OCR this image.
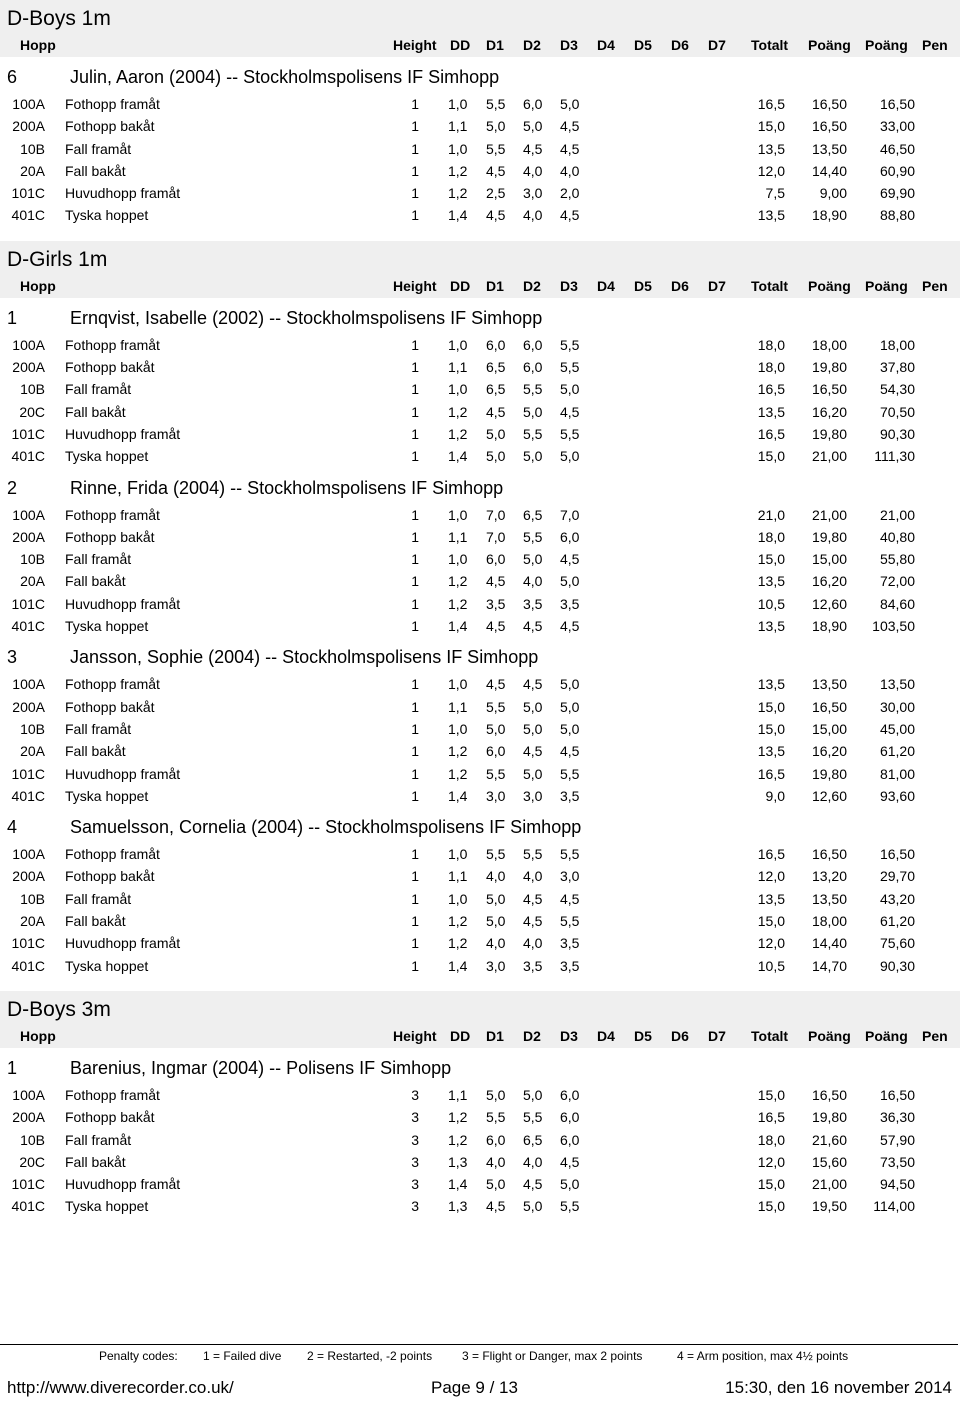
D-Boys 1m
Hopp	Height DD D1 D2 D3 D4 D5 D6 D7 Totalt Poäng Poäng Pen
6	Julin, Aaron (2004) -- Stockholmspolisens IF Simhopp
100A Fothopp framåt	1 1,0 5,5 6,0 5,0	16,5	16,50	16,50
200A Fothopp bakåt	1 1,1 5,0 5,0 4,5	15,0	16,50	33,00
10B Fall framåt	1 1,0 5,5 4,5 4,5	13,5	13,50	46,50
20A Fall bakåt	1 1,2 4,5 4,0 4,0	12,0	14,40	60,90
101C Huvudhopp framåt	1 1,2 2,5 3,0 2,0	7,5	9,00	69,90
401C Tyska hoppet	1 1,4 4,5 4,0 4,5	13,5	18,90	88,80
D-Girls 1m
Hopp	Height DD D1 D2 D3 D4 D5 D6 D7 Totalt Poäng Poäng Pen
1	Ernqvist, Isabelle (2002) -- Stockholmspolisens IF Simhopp
100A Fothopp framåt	1 1,0 6,0 6,0 5,5	18,0	18,00	18,00
200A Fothopp bakåt	1 1,1 6,5 6,0 5,5	18,0	19,80	37,80
10B Fall framåt	1 1,0 6,5 5,5 5,0	16,5	16,50	54,30
20C Fall bakåt	1 1,2 4,5 5,0 4,5	13,5	16,20	70,50
101C Huvudhopp framåt	1 1,2 5,0 5,5 5,5	16,5	19,80	90,30
401C Tyska hoppet	1 1,4 5,0 5,0 5,0	15,0	21,00	111,30
2	Rinne, Frida (2004) -- Stockholmspolisens IF Simhopp
100A Fothopp framåt	1 1,0 7,0 6,5 7,0	21,0	21,00	21,00
200A Fothopp bakåt	1 1,1 7,0 5,5 6,0	18,0	19,80	40,80
10B Fall framåt	1 1,0 6,0 5,0 4,5	15,0	15,00	55,80
20A Fall bakåt	1 1,2 4,5 4,0 5,0	13,5	16,20	72,00
101C Huvudhopp framåt	1 1,2 3,5 3,5 3,5	10,5	12,60	84,60
401C Tyska hoppet	1 1,4 4,5 4,5 4,5	13,5	18,90	103,50
3	Jansson, Sophie (2004) -- Stockholmspolisens IF Simhopp
100A Fothopp framåt	1 1,0 4,5 4,5 5,0	13,5	13,50	13,50
200A Fothopp bakåt	1 1,1 5,5 5,0 5,0	15,0	16,50	30,00
10B Fall framåt	1 1,0 5,0 5,0 5,0	15,0	15,00	45,00
20A Fall bakåt	1 1,2 6,0 4,5 4,5	13,5	16,20	61,20
101C Huvudhopp framåt	1 1,2 5,5 5,0 5,5	16,5	19,80	81,00
401C Tyska hoppet	1 1,4 3,0 3,0 3,5	9,0	12,60	93,60
4	Samuelsson, Cornelia (2004) -- Stockholmspolisens IF Simhopp
100A Fothopp framåt	1 1,0 5,5 5,5 5,5	16,5	16,50	16,50
200A Fothopp bakåt	1 1,1 4,0 4,0 3,0	12,0	13,20	29,70
10B Fall framåt	1 1,0 5,0 4,5 4,5	13,5	13,50	43,20
20A Fall bakåt	1 1,2 5,0 4,5 5,5	15,0	18,00	61,20
101C Huvudhopp framåt	1 1,2 4,0 4,0 3,5	12,0	14,40	75,60
401C Tyska hoppet	1 1,4 3,0 3,5 3,5	10,5	14,70	90,30
D-Boys 3m
Hopp	Height DD D1 D2 D3 D4 D5 D6 D7 Totalt Poäng Poäng Pen
1	Barenius, Ingmar (2004) -- Polisens IF Simhopp
100A Fothopp framåt	3 1,1 5,0 5,0 6,0	15,0	16,50	16,50
200A Fothopp bakåt	3 1,2 5,5 5,5 6,0	16,5	19,80	36,30
10B Fall framåt	3 1,2 6,0 6,5 6,0	18,0	21,60	57,90
20C Fall bakåt	3 1,3 4,0 4,0 4,5	12,0	15,60	73,50
101C Huvudhopp framåt	3 1,4 5,0 4,5 5,0	15,0	21,00	94,50
401C Tyska hoppet	3 1,3 4,5 5,0 5,5	15,0	19,50	114,00
Penalty codes: 1 = Failed dive 2 = Restarted, -2 points 3 = Flight or Danger, max 2 points	4 = Arm position, max 4½ points
http://www.diverecorder.co.uk/	Page 9 / 13	15:30, den 16 november 2014
